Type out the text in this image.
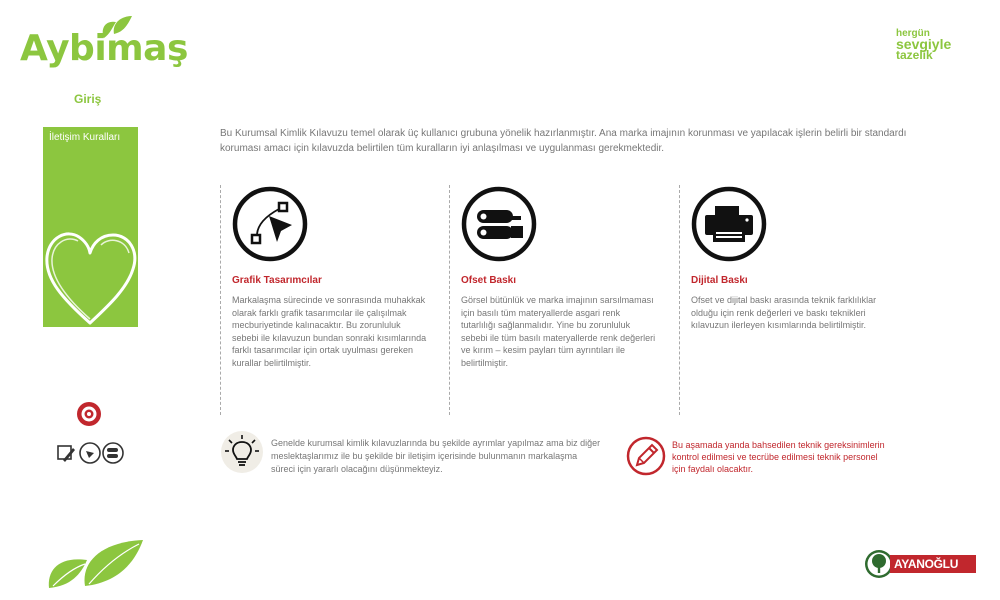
Aybimaş	hergün
sevgiyle
tazelik
Giriş
İletişim Kuralları	Bu Kurumsal Kimlik Kılavuzu temel olarak üç kullanıcı grubuna yönelik hazırlanmıştır. Ana marka imajının korunması ve yapılacak işlerin belirli bir standardı koruması amacı için kılavuzda belirtilen tüm kuralların iyi anlaşılması ve uygulanması gerekmektedir.
Grafik Tasarımcılar
Markalaşma sürecinde ve sonrasında muhakkak olarak farklı grafik tasarımcılar ile çalışılmak mecburiyetinde kalınacaktır. Bu zorunluluk sebebi ile kılavuzun bundan sonraki kısımlarında farklı tasarımcılar için ortak uyulması gereken kurallar belirtilmiştir.
Ofset Baskı
Görsel bütünlük ve marka imajının sarsılmaması için basılı tüm materyallerde asgari renk tutarlılığı sağlanmalıdır. Yine bu zorunluluk sebebi ile tüm basılı materyallerde renk değerleri ve kırım – kesim payları tüm ayrıntıları ile belirtilmiştir.
Dijital Baskı
Ofset ve dijital baskı arasında teknik farklılıklar olduğu için renk değerleri ve baskı teknikleri kılavuzun ilerleyen kısımlarında belirtilmiştir.
Genelde kurumsal kimlik kılavuzlarında bu şekilde ayrımlar yapılmaz ama biz diğer meslektaşlarımız ile bu şekilde bir iletişim içerisinde bulunmanın markalaşma süreci için yararlı olacağını düşünmekteyiz.
Bu aşamada yanda bahsedilen teknik gereksinimlerin kontrol edilmesi ve tecrübe edilmesi teknik personel için faydalı olacaktır.
AYANOĞLU
